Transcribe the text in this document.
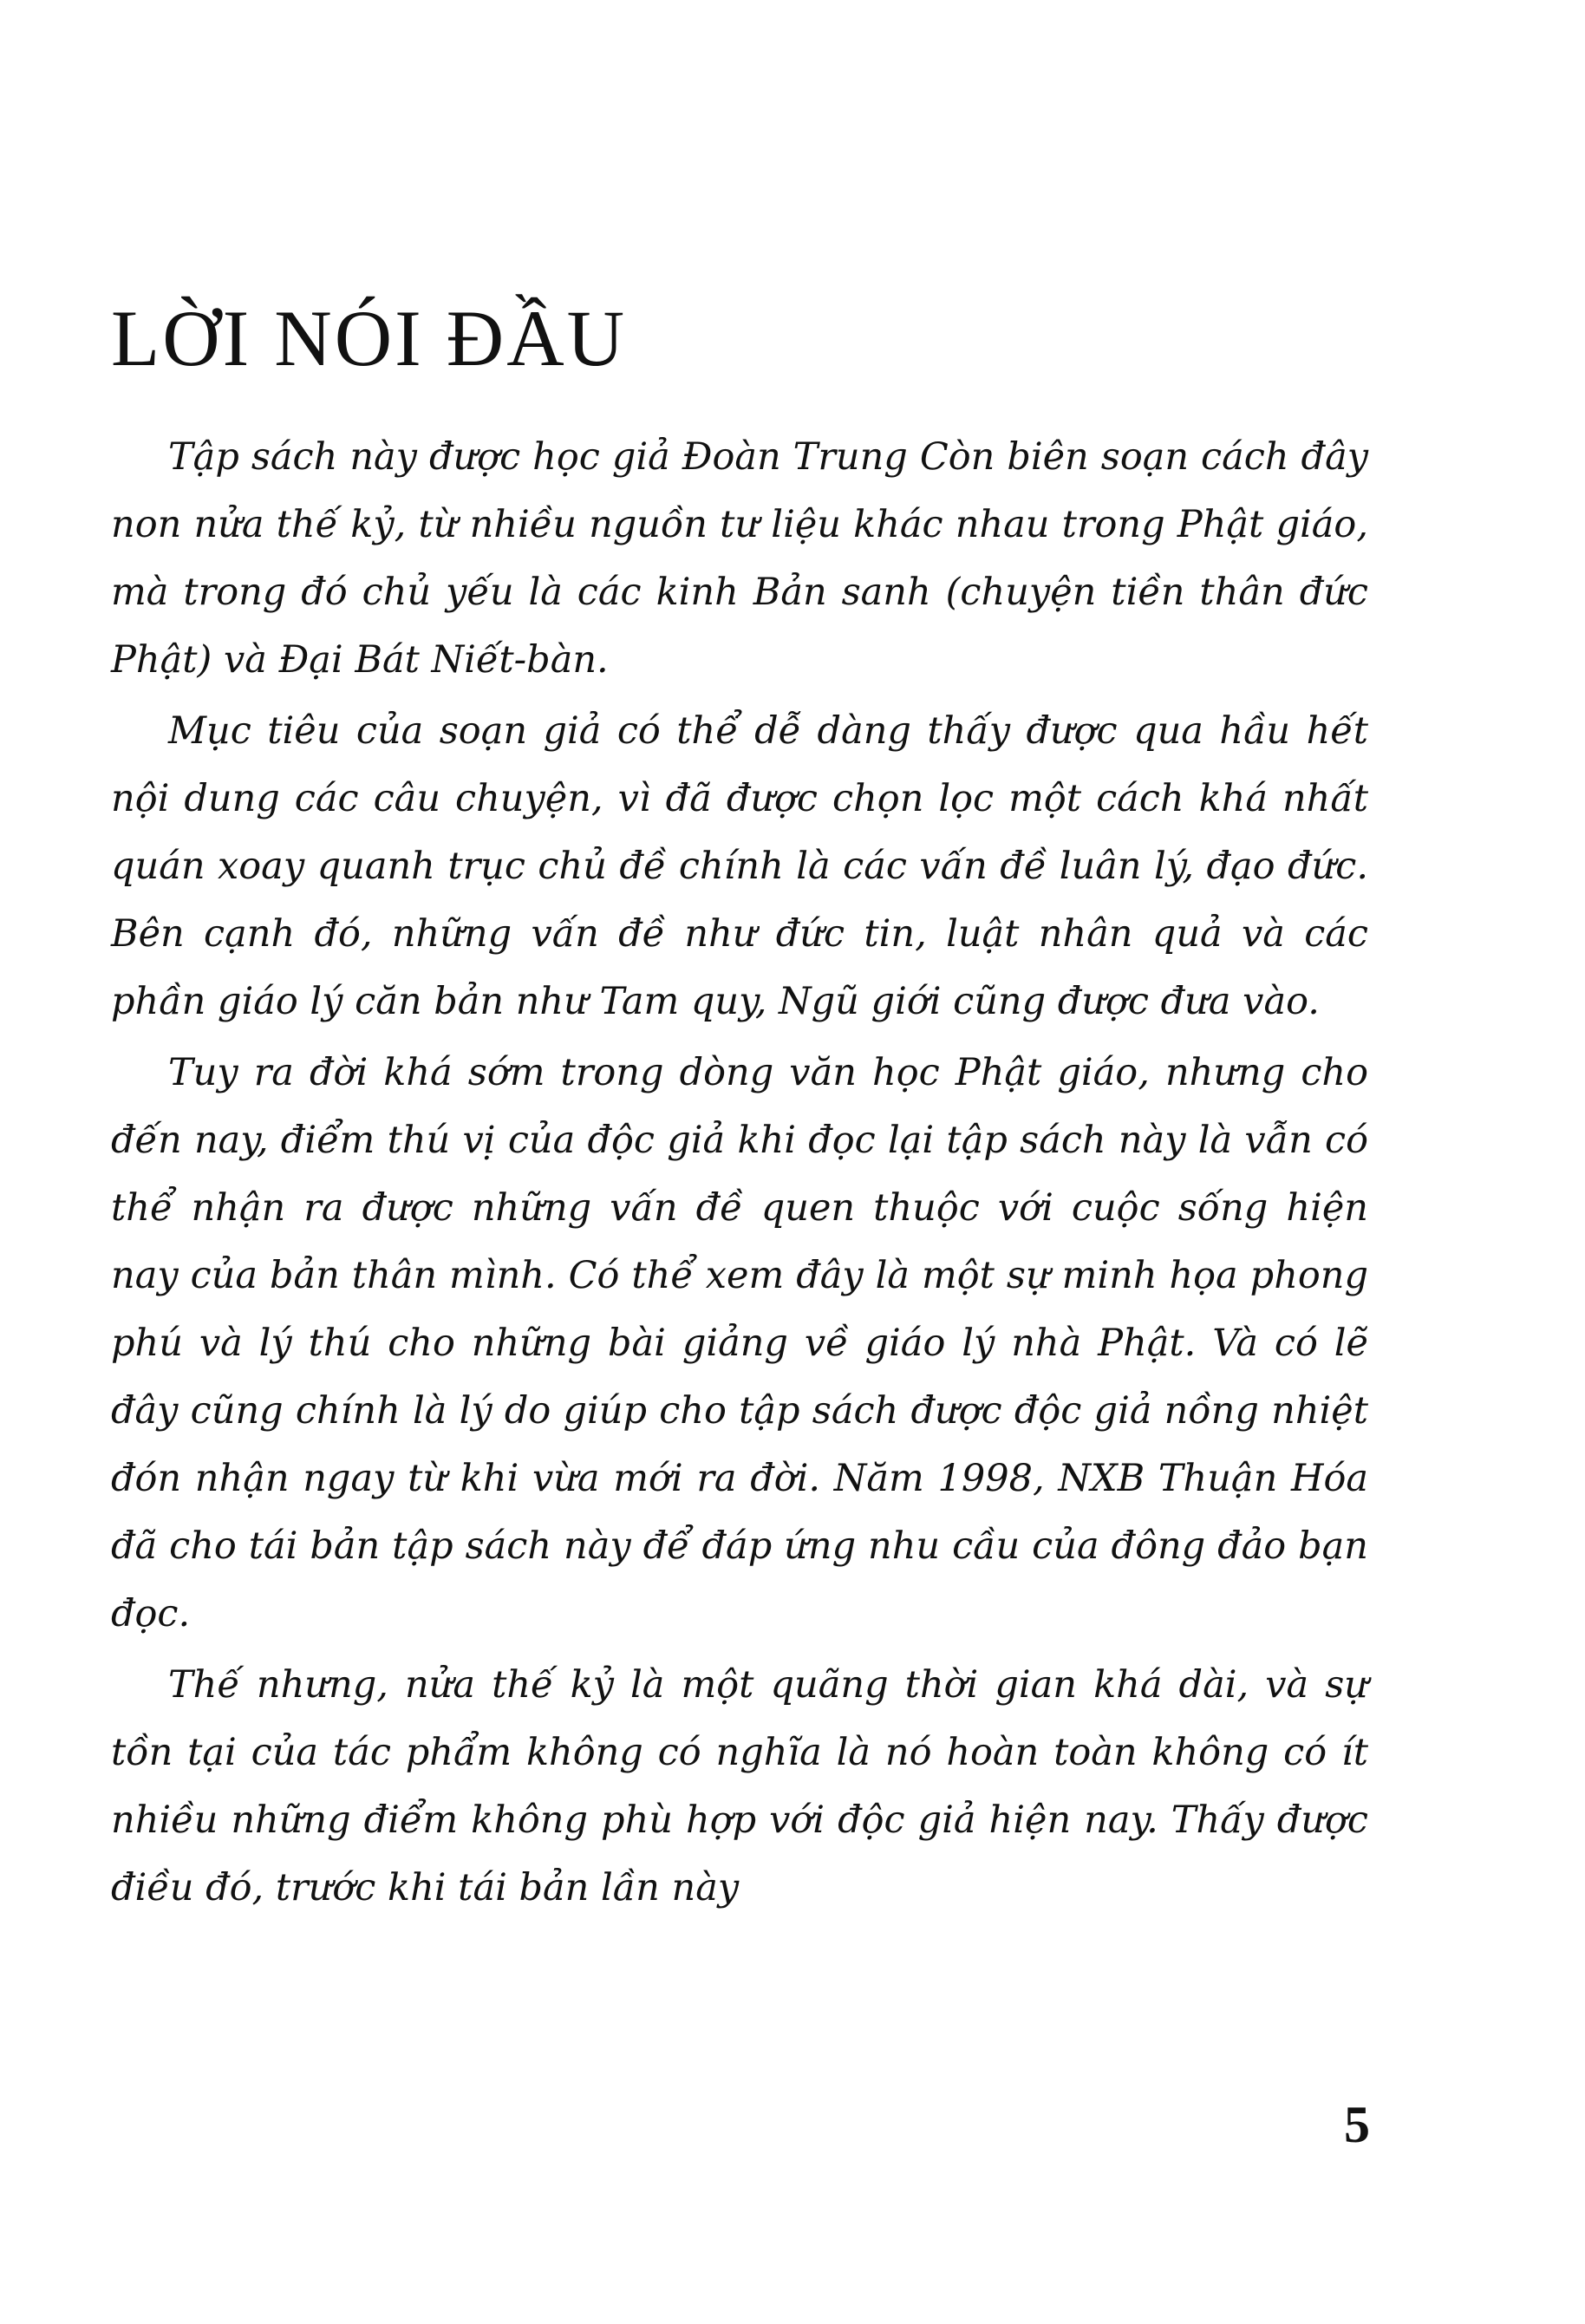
LỜI NÓI ĐẦU

Tập sách này được học giả Đoàn Trung Còn biên soạn cách đây non nửa thế kỷ, từ nhiều nguồn tư liệu khác nhau trong Phật giáo, mà trong đó chủ yếu là các kinh Bản sanh (chuyện tiền thân đức Phật) và Đại Bát Niết-bàn.

Mục tiêu của soạn giả có thể dễ dàng thấy được qua hầu hết nội dung các câu chuyện, vì đã được chọn lọc một cách khá nhất quán xoay quanh trục chủ đề chính là các vấn đề luân lý, đạo đức. Bên cạnh đó, những vấn đề như đức tin, luật nhân quả và các phần giáo lý căn bản như Tam quy, Ngũ giới cũng được đưa vào.

Tuy ra đời khá sớm trong dòng văn học Phật giáo, nhưng cho đến nay, điểm thú vị của độc giả khi đọc lại tập sách này là vẫn có thể nhận ra được những vấn đề quen thuộc với cuộc sống hiện nay của bản thân mình. Có thể xem đây là một sự minh họa phong phú và lý thú cho những bài giảng về giáo lý nhà Phật. Và có lẽ đây cũng chính là lý do giúp cho tập sách được độc giả nồng nhiệt đón nhận ngay từ khi vừa mới ra đời. Năm 1998, NXB Thuận Hóa đã cho tái bản tập sách này để đáp ứng nhu cầu của đông đảo bạn đọc.

Thế nhưng, nửa thế kỷ là một quãng thời gian khá dài, và sự tồn tại của tác phẩm không có nghĩa là nó hoàn toàn không có ít nhiều những điểm không phù hợp với độc giả hiện nay. Thấy được điều đó, trước khi tái bản lần này

5
